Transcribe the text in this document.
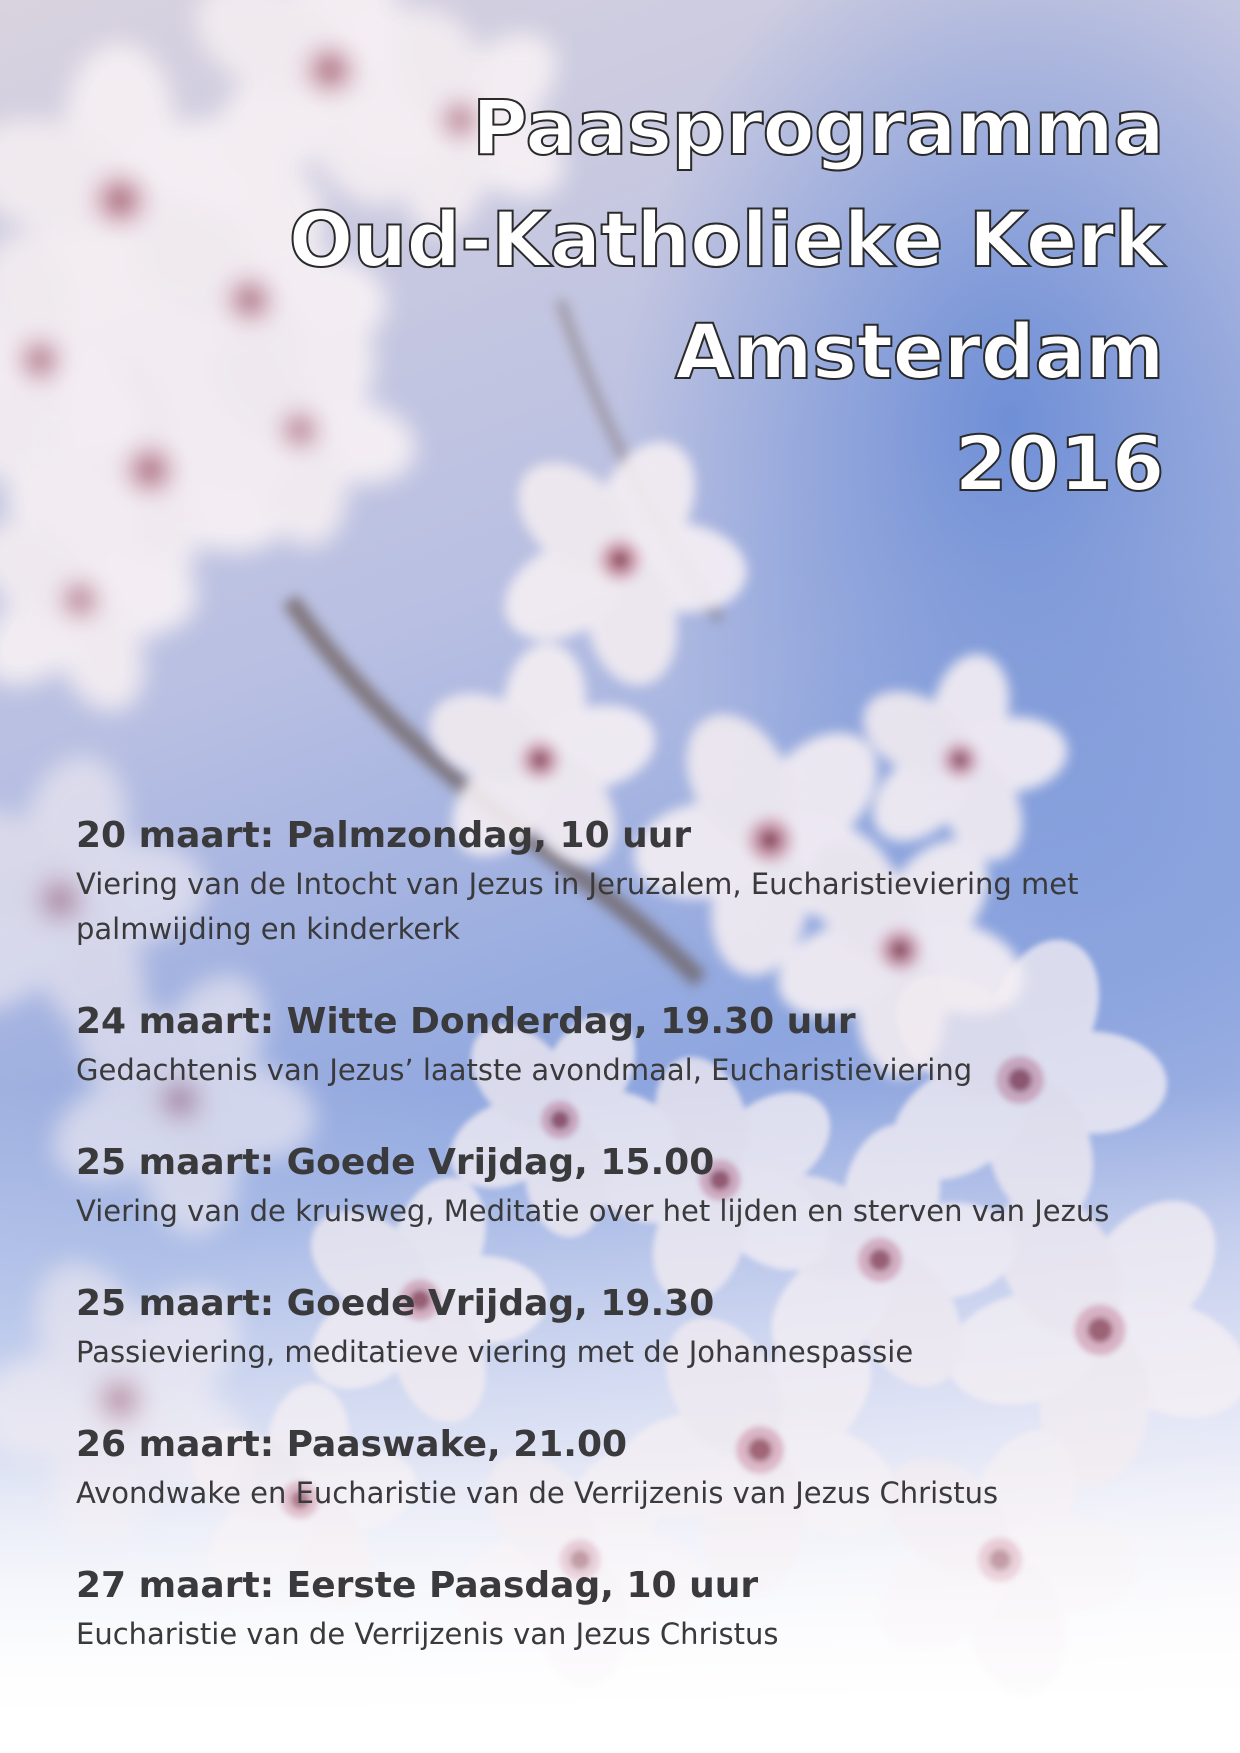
Paasprogramma
Oud-Katholieke Kerk
Amsterdam
2016
20 maart: Palmzondag, 10 uur
Viering van de Intocht van Jezus in Jeruzalem, Eucharistieviering met palmwijding en kinderkerk
24 maart: Witte Donderdag, 19.30 uur
Gedachtenis van Jezus’ laatste avondmaal, Eucharistieviering
25 maart: Goede Vrijdag, 15.00
Viering van de kruisweg, Meditatie over het lijden en sterven van Jezus
25 maart: Goede Vrijdag, 19.30
Passieviering, meditatieve viering met de Johannespassie
26 maart: Paaswake, 21.00
Avondwake en Eucharistie van de Verrijzenis van Jezus Christus
27 maart: Eerste Paasdag, 10 uur
Eucharistie van de Verrijzenis van Jezus Christus
